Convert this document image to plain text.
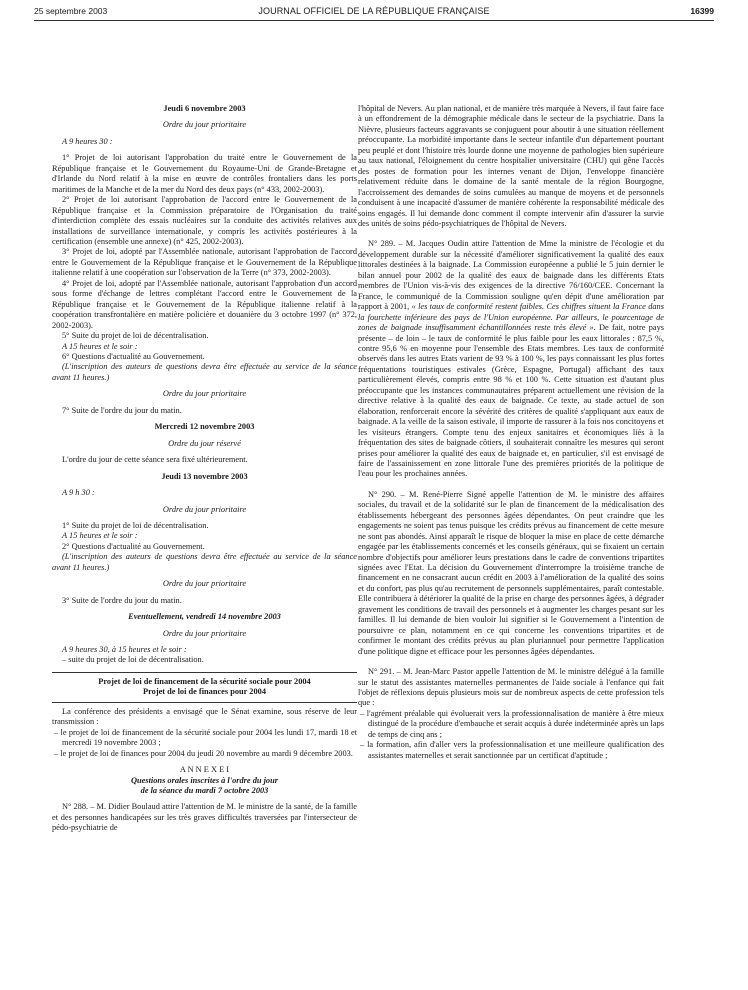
25 septembre 2003	JOURNAL OFFICIEL DE LA RÉPUBLIQUE FRANÇAISE	16399

Jeudi 6 novembre 2003

Ordre du jour prioritaire

A 9 heures 30 :

1° Projet de loi autorisant l'approbation du traité entre le Gouvernement de la République française et le Gouvernement du Royaume-Uni de Grande-Bretagne et d'Irlande du Nord relatif à la mise en œuvre de contrôles frontaliers dans les ports maritimes de la Manche et de la mer du Nord des deux pays (n° 433, 2002-2003).

2° Projet de loi autorisant l'approbation de l'accord entre le Gouvernement de la République française et la Commission préparatoire de l'Organisation du traité d'interdiction complète des essais nucléaires sur la conduite des activités relatives aux installations de surveillance internationale, y compris les activités postérieures à la certification (ensemble une annexe) (n° 425, 2002-2003).

3° Projet de loi, adopté par l'Assemblée nationale, autorisant l'approbation de l'accord entre le Gouvernement de la République française et le Gouvernement de la République italienne relatif à une coopération sur l'observation de la Terre (n° 373, 2002-2003).

4° Projet de loi, adopté par l'Assemblée nationale, autorisant l'approbation d'un accord sous forme d'échange de lettres complétant l'accord entre le Gouvernement de la République française et le Gouvernement de la République italienne relatif à la coopération transfrontalière en matière policière et douanière du 3 octobre 1997 (n° 372, 2002-2003).

5° Suite du projet de loi de décentralisation.

A 15 heures et le soir :

6° Questions d'actualité au Gouvernement.

(L'inscription des auteurs de questions devra être effectuée au service de la séance avant 11 heures.)

Ordre du jour prioritaire

7° Suite de l'ordre du jour du matin.

Mercredi 12 novembre 2003

Ordre du jour réservé

L'ordre du jour de cette séance sera fixé ultérieurement.

Jeudi 13 novembre 2003

A 9 h 30 :

Ordre du jour prioritaire

1° Suite du projet de loi de décentralisation.

A 15 heures et le soir :

2° Questions d'actualité au Gouvernement.

(L'inscription des auteurs de questions devra être effectuée au service de la séance avant 11 heures.)

Ordre du jour prioritaire

3° Suite de l'ordre du jour du matin.

Eventuellement, vendredi 14 novembre 2003

Ordre du jour prioritaire

A 9 heures 30, à 15 heures et le soir :

– suite du projet de loi de décentralisation.

Projet de loi de financement de la sécurité sociale pour 2004
Projet de loi de finances pour 2004

La conférence des présidents a envisagé que le Sénat examine, sous réserve de leur transmission :

– le projet de loi de financement de la sécurité sociale pour 2004 les lundi 17, mardi 18 et mercredi 19 novembre 2003 ;

– le projet de loi de finances pour 2004 du jeudi 20 novembre au mardi 9 décembre 2003.

A N N E X E I

Questions orales inscrites à l'ordre du jour

de la séance du mardi 7 octobre 2003

N° 288. – M. Didier Boulaud attire l'attention de M. le ministre de la santé, de la famille et des personnes handicapées sur les très graves difficultés traversées par l'intersecteur de pédo-psychiatrie de

l'hôpital de Nevers. Au plan national, et de manière très marquée à Nevers, il faut faire face à un effondrement de la démographie médicale dans le secteur de la psychiatrie. Dans la Nièvre, plusieurs facteurs aggravants se conjuguent pour aboutir à une situation réellement préoccupante. La morbidité importante dans le secteur infantile d'un département pourtant peu peuplé et dont l'histoire très lourde donne une moyenne de pathologies bien supérieure au taux national, l'éloignement du centre hospitalier universitaire (CHU) qui gêne l'accès des postes de formation pour les internes venant de Dijon, l'enveloppe financière relativement réduite dans le domaine de la santé mentale de la région Bourgogne, l'accroissement des demandes de soins cumulées au manque de moyens et de personnels conduisent à une incapacité d'assumer de manière cohérente la responsabilité médicale des soins engagés. Il lui demande donc comment il compte intervenir afin d'assurer la survie des unités de soins pédo-psychiatriques de l'hôpital de Nevers.

N° 289. – M. Jacques Oudin attire l'attention de Mme la ministre de l'écologie et du développement durable sur la nécessité d'améliorer significativement la qualité des eaux littorales destinées à la baignade. La Commission européenne a publié le 5 juin dernier le bilan annuel pour 2002 de la qualité des eaux de baignade dans les différents Etats membres de l'Union vis-à-vis des exigences de la directive 76/160/CEE. Concernant la France, le communiqué de la Commission souligne qu'en dépit d'une amélioration par rapport à 2001, « les taux de conformité restent faibles. Ces chiffres situent la France dans la fourchette inférieure des pays de l'Union européenne. Par ailleurs, le pourcentage de zones de baignade insuffisamment échantillonnées reste très élevé ». De fait, notre pays présente – de loin – le taux de conformité le plus faible pour les eaux littorales : 87,5 %, contre 95,6 % en moyenne pour l'ensemble des Etats membres. Les taux de conformité observés dans les autres Etats varient de 93 % à 100 %, les pays connaissant les plus fortes fréquentations touristiques estivales (Grèce, Espagne, Portugal) affichant des taux particulièrement élevés, compris entre 98 % et 100 %. Cette situation est d'autant plus préoccupante que les instances communautaires préparent actuellement une révision de la directive relative à la qualité des eaux de baignade. Ce texte, au stade actuel de son élaboration, renforcerait encore la sévérité des critères de qualité s'appliquant aux eaux de baignade. A la veille de la saison estivale, il importe de rassurer à la fois nos concitoyens et les visiteurs étrangers. Compte tenu des enjeux sanitaires et économiques liés à la fréquentation des sites de baignade côtiers, il souhaiterait connaître les mesures qui seront prises pour améliorer la qualité des eaux de baignade et, en particulier, s'il est envisagé de faire de l'assainissement en zone littorale l'une des premières priorités de la politique de l'eau pour les prochaines années.

N° 290. – M. René-Pierre Signé appelle l'attention de M. le ministre des affaires sociales, du travail et de la solidarité sur le plan de financement de la médicalisation des établissements hébergeant des personnes âgées dépendantes. On peut craindre que les engagements ne soient pas tenus puisque les crédits prévus au financement de cette mesure ne sont pas abondés. Ainsi apparaît le risque de bloquer la mise en place de cette démarche engagée par les établissements concernés et les conseils généraux, qui se fixaient un certain nombre d'objectifs pour améliorer leurs prestations dans le cadre de conventions tripartites signées avec l'Etat. La décision du Gouvernement d'interrompre la troisième tranche de financement en ne consacrant aucun crédit en 2003 à l'amélioration de la qualité des soins et du confort, pas plus qu'au recrutement de personnels supplémentaires, paraît contestable. Elle contribuera à détériorer la qualité de la prise en charge des personnes âgées, à dégrader gravement les conditions de travail des personnels et à augmenter les charges pesant sur les familles. Il lui demande de bien vouloir lui signifier si le Gouvernement a l'intention de poursuivre ce plan, notamment en ce qui concerne les conventions tripartites et de confirmer le montant des crédits prévus au plan pluriannuel pour permettre l'application d'une politique digne et efficace pour les personnes âgées dépendantes.

N° 291. – M. Jean-Marc Pastor appelle l'attention de M. le ministre délégué à la famille sur le statut des assistantes maternelles permanentes de l'aide sociale à l'enfance qui fait l'objet de réflexions depuis plusieurs mois sur de nombreux aspects de cette profession tels que :

– l'agrément préalable qui évoluerait vers la professionnalisation de manière à être mieux distingué de la procédure d'embauche et serait acquis à durée indéterminée après un laps de temps de cinq ans ;

– la formation, afin d'aller vers la professionnalisation et une meilleure qualification des assistantes maternelles et serait sanctionnée par un certificat d'aptitude ;
